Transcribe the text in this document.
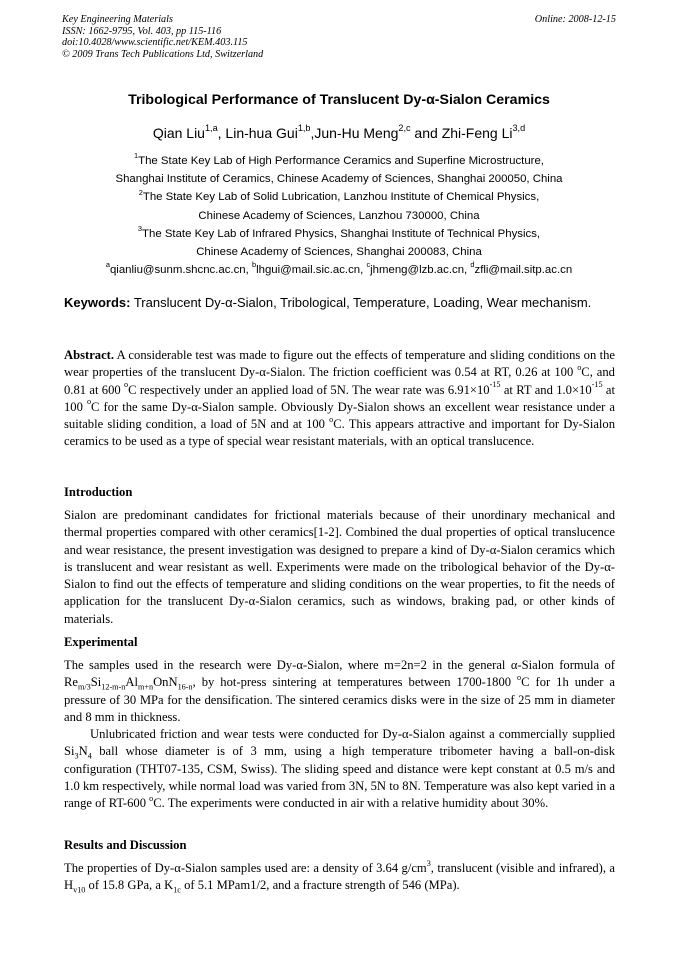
Key Engineering Materials
ISSN: 1662-9795, Vol. 403, pp 115-116
doi:10.4028/www.scientific.net/KEM.403.115
© 2009 Trans Tech Publications Ltd, Switzerland
Online: 2008-12-15
Tribological Performance of Translucent Dy-α-Sialon Ceramics
Qian Liu$^{1,a}$, Lin-hua Gui$^{1,b}$,Jun-Hu Meng$^{2,c}$ and Zhi-Feng Li$^{3,d}$
$^1$The State Key Lab of High Performance Ceramics and Superfine Microstructure,
Shanghai Institute of Ceramics, Chinese Academy of Sciences, Shanghai 200050, China
$^2$The State Key Lab of Solid Lubrication, Lanzhou Institute of Chemical Physics,
Chinese Academy of Sciences, Lanzhou 730000, China
$^3$The State Key Lab of Infrared Physics, Shanghai Institute of Technical Physics,
Chinese Academy of Sciences, Shanghai 200083, China
$^a$qianliu@sunm.shcnc.ac.cn, $^b$lhgui@mail.sic.ac.cn, $^c$jhmeng@lzb.ac.cn, $^d$zfli@mail.sitp.ac.cn
Keywords: Translucent Dy-α-Sialon, Tribological, Temperature, Loading, Wear mechanism.
Abstract. A considerable test was made to figure out the effects of temperature and sliding conditions on the wear properties of the translucent Dy-α-Sialon. The friction coefficient was 0.54 at RT, 0.26 at 100 $^o$C, and 0.81 at 600 $^o$C respectively under an applied load of 5N. The wear rate was $6.91\times 10^{-15}$ at RT and $1.0\times 10^{-15}$ at 100 $^o$C for the same Dy-α-Sialon sample. Obviously Dy-Sialon shows an excellent wear resistance under a suitable sliding condition, a load of 5N and at 100 $^o$C. This appears attractive and important for Dy-Sialon ceramics to be used as a type of special wear resistant materials, with an optical translucence.
Introduction
Sialon are predominant candidates for frictional materials because of their unordinary mechanical and thermal properties compared with other ceramics[1-2]. Combined the dual properties of optical translucence and wear resistance, the present investigation was designed to prepare a kind of Dy-α-Sialon ceramics which is translucent and wear resistant as well. Experiments were made on the tribological behavior of the Dy-α-Sialon to find out the effects of temperature and sliding conditions on the wear properties, to fit the needs of application for the translucent Dy-α-Sialon ceramics, such as windows, braking pad, or other kinds of materials.
Experimental
The samples used in the research were Dy-α-Sialon, where m=2n=2 in the general α-Sialon formula of $Re_{m/3}Si_{12-m-n}Al_{m+n}OnN_{16-n}$, by hot-press sintering at temperatures between 1700-1800 $^o$C for 1h under a pressure of 30 MPa for the densification. The sintered ceramics disks were in the size of 25 mm in diameter and 8 mm in thickness.
Unlubricated friction and wear tests were conducted for Dy-α-Sialon against a commercially supplied $Si_3N_4$ ball whose diameter is of 3 mm, using a high temperature tribometer having a ball-on-disk configuration (THT07-135, CSM, Swiss). The sliding speed and distance were kept constant at 0.5 m/s and 1.0 km respectively, while normal load was varied from 3N, 5N to 8N. Temperature was also kept varied in a range of RT-600 $^o$C. The experiments were conducted in air with a relative humidity about 30%.
Results and Discussion
The properties of Dy-α-Sialon samples used are: a density of 3.64 $g/cm^3$, translucent (visible and infrared), a $H_{v10}$ of 15.8 GPa, a $K_{1c}$ of 5.1 MPam1/2, and a fracture strength of 546 (MPa).
